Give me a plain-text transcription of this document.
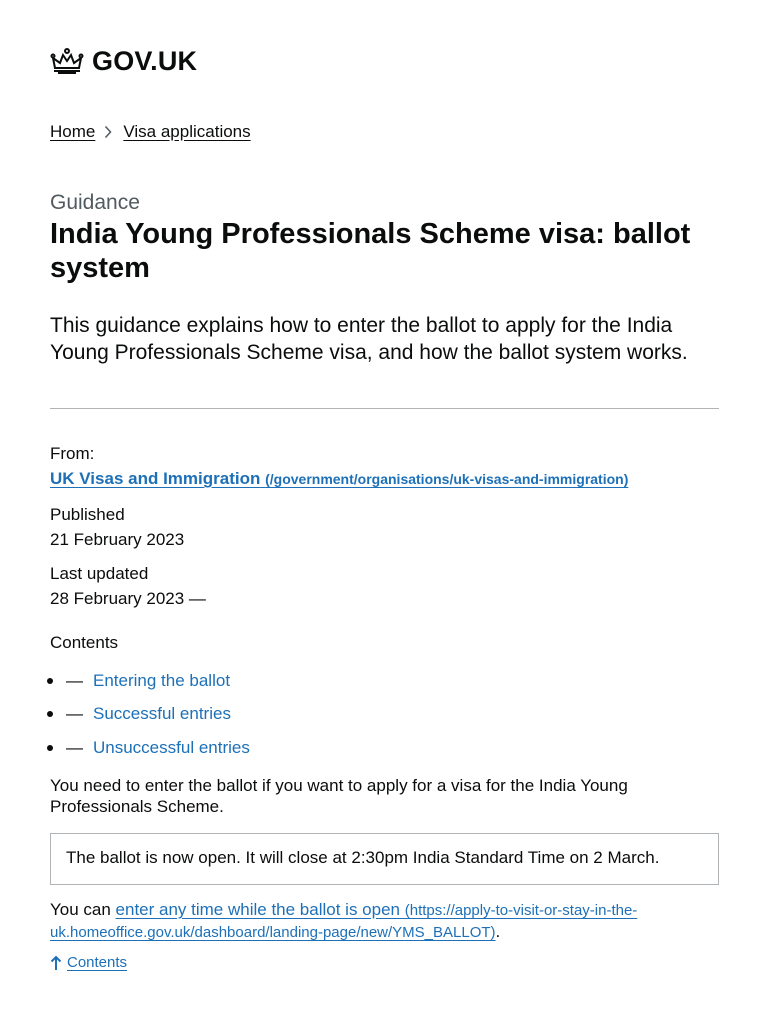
GOV.UK
Home Visa applications
Guidance
India Young Professionals Scheme visa: ballot system

This guidance explains how to enter the ballot to apply for the India Young Professionals Scheme visa, and how the ballot system works.

From:
UK Visas and Immigration (/government/organisations/uk-visas-and-immigration)
Published
21 February 2023
Last updated
28 February 2023 —
Contents
— Entering the ballot
— Successful entries
— Unsuccessful entries

You need to enter the ballot if you want to apply for a visa for the India Young Professionals Scheme.

The ballot is now open. It will close at 2:30pm India Standard Time on 2 March.

You can enter any time while the ballot is open (https://apply-to-visit-or-stay-in-the-uk.homeoffice.gov.uk/dashboard/landing-page/new/YMS_BALLOT).

Contents
